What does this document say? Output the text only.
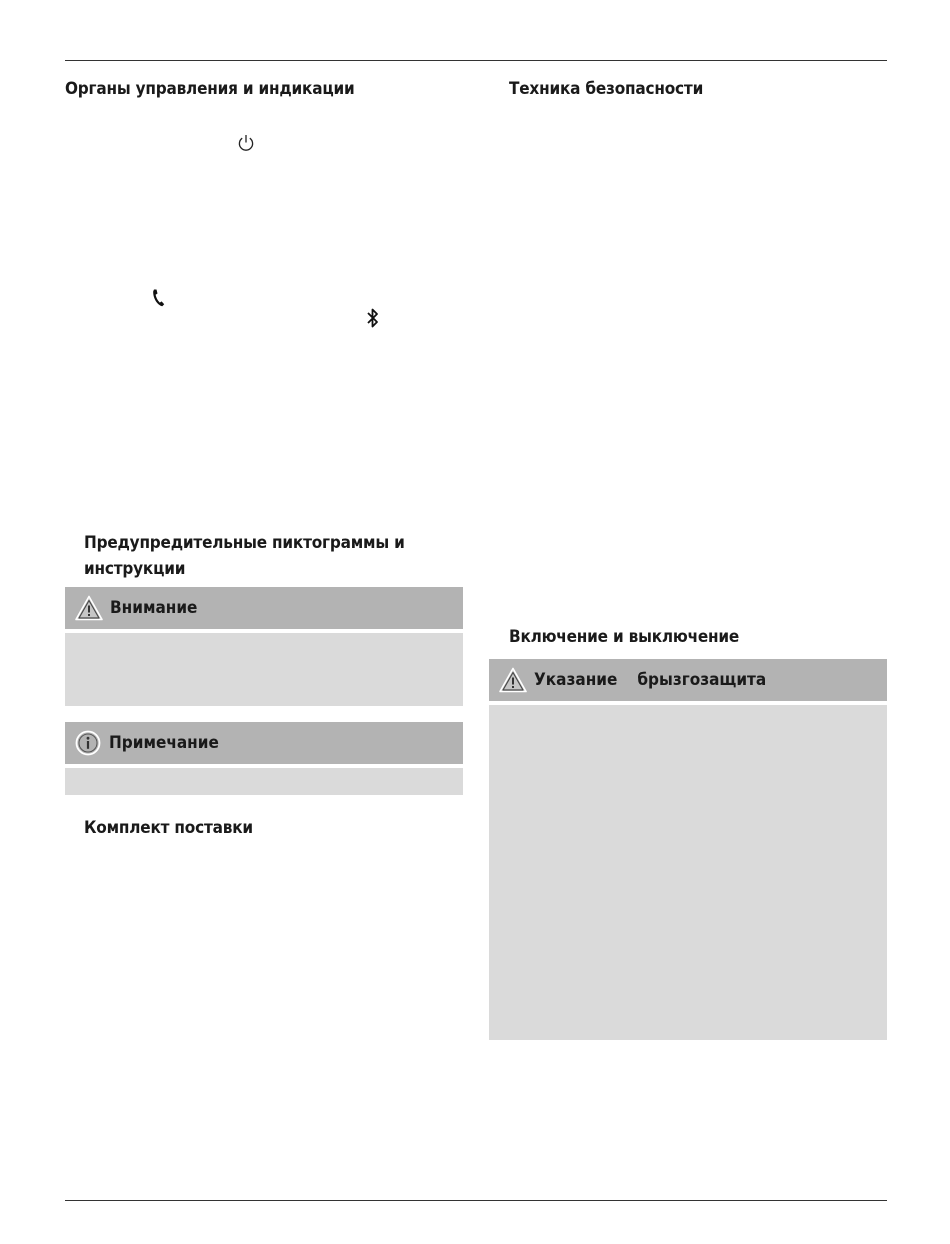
Органы управления и индикации
Предупредительные пиктограммы и
инструкции
Внимание
Примечание
Комплект поставки
Техника безопасности
Включение и выключение
Указание брызгозащита
